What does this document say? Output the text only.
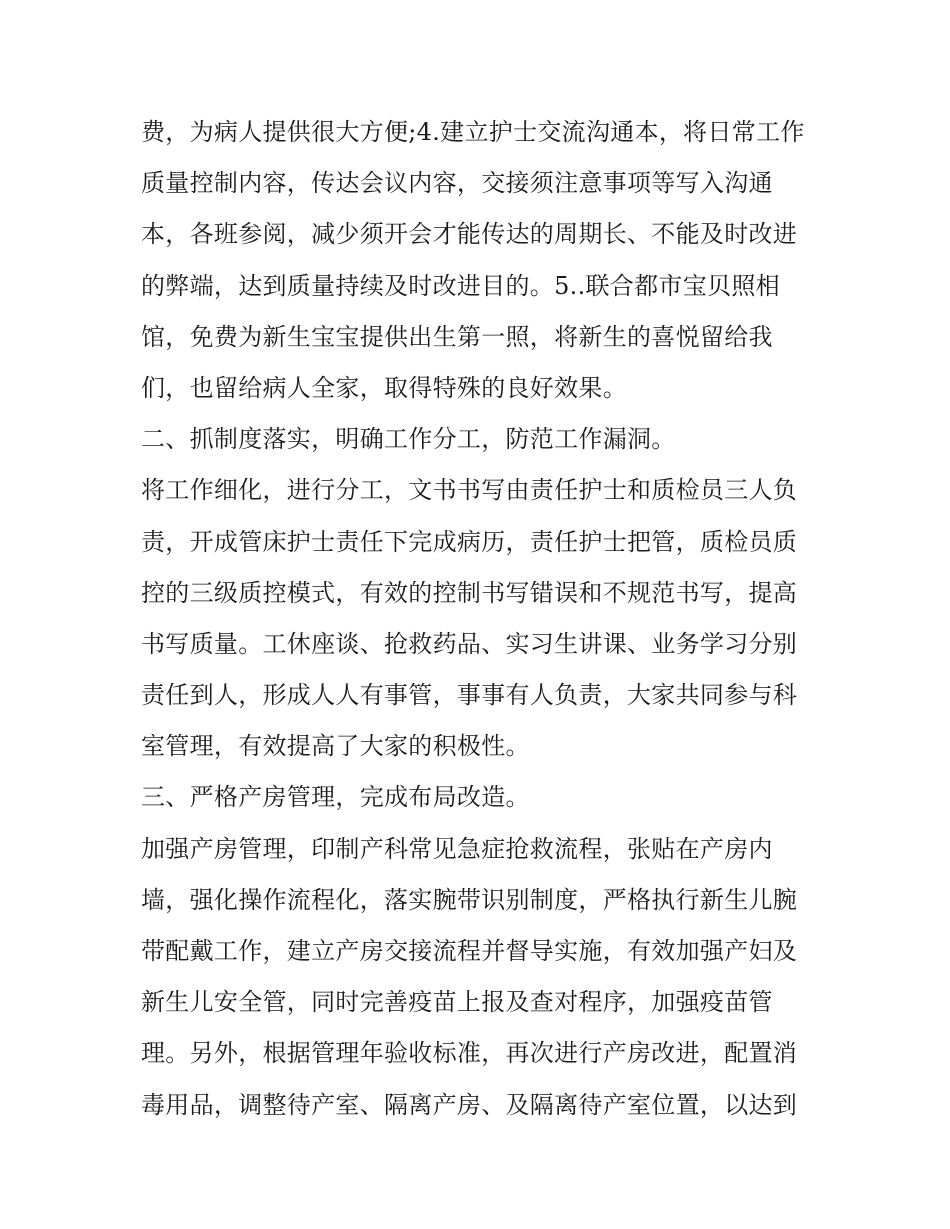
费，为病人提供很大方便;4.建立护士交流沟通本，将日常工作
质量控制内容，传达会议内容，交接须注意事项等写入沟通
本，各班参阅，减少须开会才能传达的周期长、不能及时改进
的弊端，达到质量持续及时改进目的。5..联合都市宝贝照相
馆，免费为新生宝宝提供出生第一照，将新生的喜悦留给我
们，也留给病人全家，取得特殊的良好效果。
二、抓制度落实，明确工作分工，防范工作漏洞。
将工作细化，进行分工，文书书写由责任护士和质检员三人负
责，开成管床护士责任下完成病历，责任护士把管，质检员质
控的三级质控模式，有效的控制书写错误和不规范书写，提高
书写质量。工休座谈、抢救药品、实习生讲课、业务学习分别
责任到人，形成人人有事管，事事有人负责，大家共同参与科
室管理，有效提高了大家的积极性。
三、严格产房管理，完成布局改造。
加强产房管理，印制产科常见急症抢救流程，张贴在产房内
墙，强化操作流程化，落实腕带识别制度，严格执行新生儿腕
带配戴工作，建立产房交接流程并督导实施，有效加强产妇及
新生儿安全管，同时完善疫苗上报及查对程序，加强疫苗管
理。另外，根据管理年验收标准，再次进行产房改进，配置消
毒用品，调整待产室、隔离产房、及隔离待产室位置，以达到
